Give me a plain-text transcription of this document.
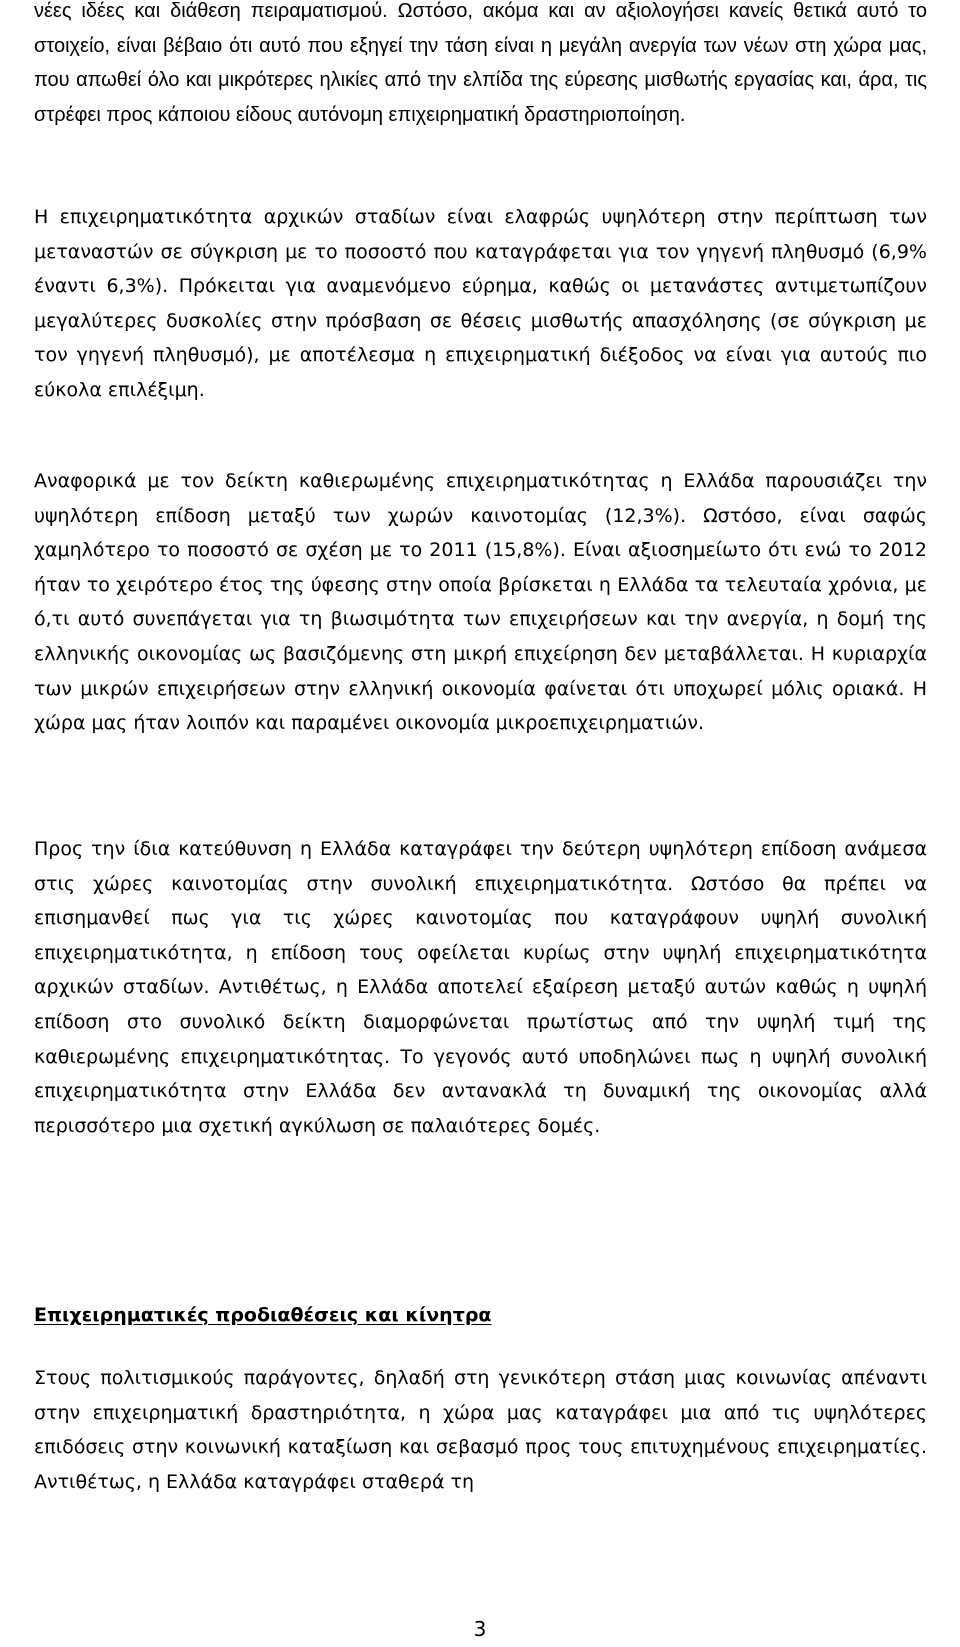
νέες ιδέες και διάθεση πειραματισμού. Ωστόσο, ακόμα και αν αξιολογήσει κανείς θετικά αυτό το στοιχείο, είναι βέβαιο ότι αυτό που εξηγεί την τάση είναι η μεγάλη ανεργία των νέων στη χώρα μας, που απωθεί όλο και μικρότερες ηλικίες από την ελπίδα της εύρεσης μισθωτής εργασίας και, άρα, τις στρέφει προς κάποιου είδους αυτόνομη επιχειρηματική δραστηριοποίηση.

Η επιχειρηματικότητα αρχικών σταδίων είναι ελαφρώς υψηλότερη στην περίπτωση των μεταναστών σε σύγκριση με το ποσοστό που καταγράφεται για τον γηγενή πληθυσμό (6,9% έναντι 6,3%). Πρόκειται για αναμενόμενο εύρημα, καθώς οι μετανάστες αντιμετωπίζουν μεγαλύτερες δυσκολίες στην πρόσβαση σε θέσεις μισθωτής απασχόλησης (σε σύγκριση με τον γηγενή πληθυσμό), με αποτέλεσμα η επιχειρηματική διέξοδος να είναι για αυτούς πιο εύκολα επιλέξιμη.

Αναφορικά με τον δείκτη καθιερωμένης επιχειρηματικότητας η Ελλάδα παρουσιάζει την υψηλότερη επίδοση μεταξύ των χωρών καινοτομίας (12,3%). Ωστόσο, είναι σαφώς χαμηλότερο το ποσοστό σε σχέση με το 2011 (15,8%). Είναι αξιοσημείωτο ότι ενώ το 2012 ήταν το χειρότερο έτος της ύφεσης στην οποία βρίσκεται η Ελλάδα τα τελευταία χρόνια, με ό,τι αυτό συνεπάγεται για τη βιωσιμότητα των επιχειρήσεων και την ανεργία, η δομή της ελληνικής οικονομίας ως βασιζόμενης στη μικρή επιχείρηση δεν μεταβάλλεται. Η κυριαρχία των μικρών επιχειρήσεων στην ελληνική οικονομία φαίνεται ότι υποχωρεί μόλις οριακά. Η χώρα μας ήταν λοιπόν και παραμένει οικονομία μικροεπιχειρηματιών.

Προς την ίδια κατεύθυνση η Ελλάδα καταγράφει την δεύτερη υψηλότερη επίδοση ανάμεσα στις χώρες καινοτομίας στην συνολική επιχειρηματικότητα. Ωστόσο θα πρέπει να επισημανθεί πως για τις χώρες καινοτομίας που καταγράφουν υψηλή συνολική επιχειρηματικότητα, η επίδοση τους οφείλεται κυρίως στην υψηλή επιχειρηματικότητα αρχικών σταδίων. Αντιθέτως, η Ελλάδα αποτελεί εξαίρεση μεταξύ αυτών καθώς η υψηλή επίδοση στο συνολικό δείκτη διαμορφώνεται πρωτίστως από την υψηλή τιμή της καθιερωμένης επιχειρηματικότητας. Το γεγονός αυτό υποδηλώνει πως η υψηλή συνολική επιχειρηματικότητα στην Ελλάδα δεν αντανακλά τη δυναμική της οικονομίας αλλά περισσότερο μια σχετική αγκύλωση σε παλαιότερες δομές.

Επιχειρηματικές προδιαθέσεις και κίνητρα

Στους πολιτισμικούς παράγοντες, δηλαδή στη γενικότερη στάση μιας κοινωνίας απέναντι στην επιχειρηματική δραστηριότητα, η χώρα μας καταγράφει μια από τις υψηλότερες επιδόσεις στην κοινωνική καταξίωση και σεβασμό προς τους επιτυχημένους επιχειρηματίες. Αντιθέτως, η Ελλάδα καταγράφει σταθερά τη

3
